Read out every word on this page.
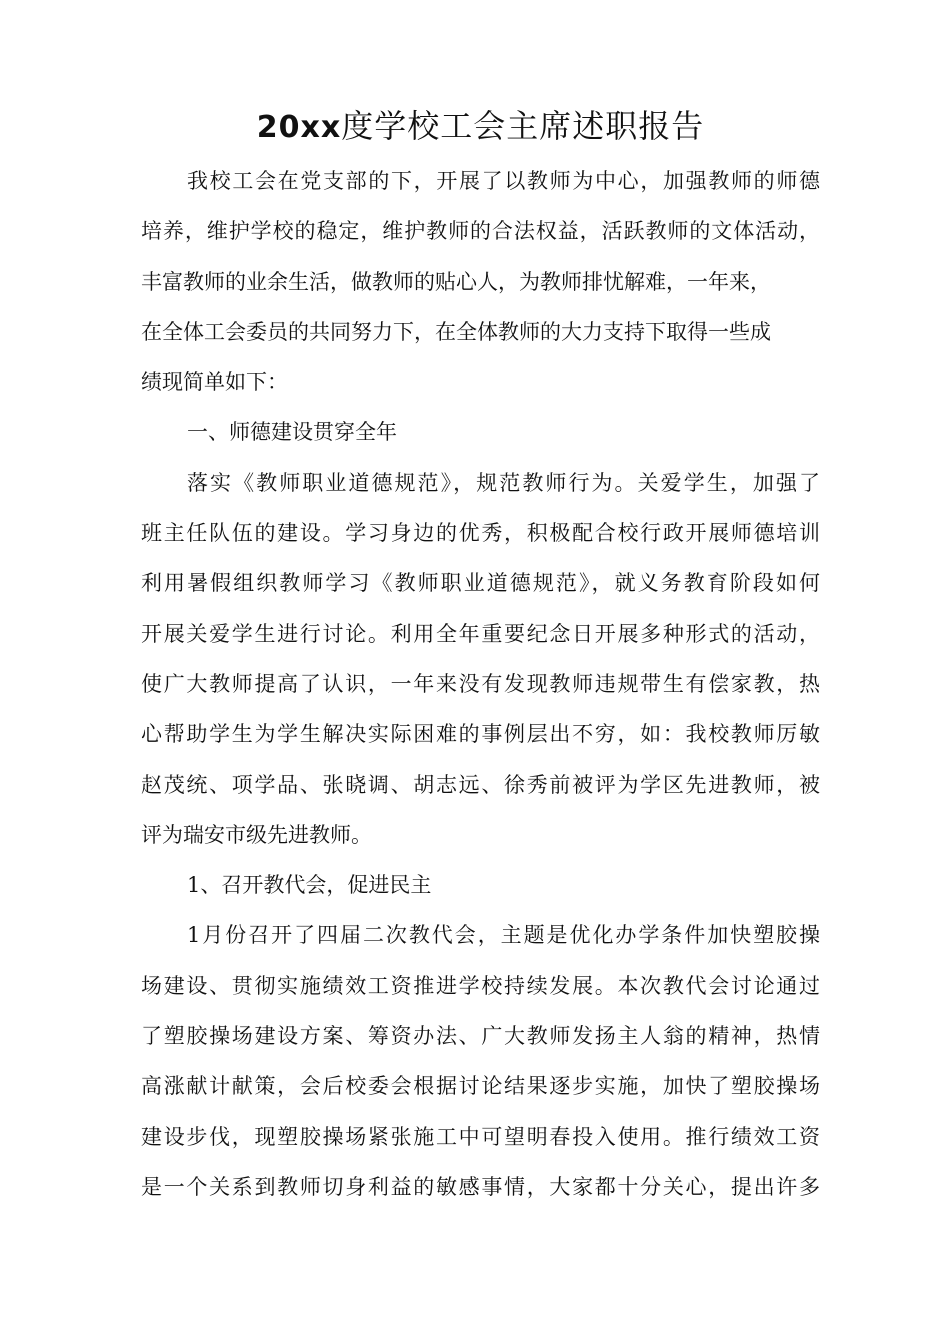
20xx度学校工会主席述职报告
我校工会在党支部的下，开展了以教师为中心，加强教师的师德
培养，维护学校的稳定，维护教师的合法权益，活跃教师的文体活动，
丰富教师的业余生活，做教师的贴心人，为教师排忧解难，一年来，
在全体工会委员的共同努力下，在全体教师的大力支持下取得一些成
绩现简单如下：
一、师德建设贯穿全年
落实《教师职业道德规范》，规范教师行为。关爱学生，加强了
班主任队伍的建设。学习身边的优秀，积极配合校行政开展师德培训
利用暑假组织教师学习《教师职业道德规范》，就义务教育阶段如何
开展关爱学生进行讨论。利用全年重要纪念日开展多种形式的活动，
使广大教师提高了认识，一年来没有发现教师违规带生有偿家教，热
心帮助学生为学生解决实际困难的事例层出不穷，如：我校教师厉敏
赵茂统、项学品、张晓调、胡志远、徐秀前被评为学区先进教师，被
评为瑞安市级先进教师。
1、召开教代会，促进民主
1月份召开了四届二次教代会，主题是优化办学条件加快塑胶操
场建设、贯彻实施绩效工资推进学校持续发展。本次教代会讨论通过
了塑胶操场建设方案、筹资办法、广大教师发扬主人翁的精神，热情
高涨献计献策，会后校委会根据讨论结果逐步实施，加快了塑胶操场
建设步伐，现塑胶操场紧张施工中可望明春投入使用。推行绩效工资
是一个关系到教师切身利益的敏感事情，大家都十分关心，提出许多
